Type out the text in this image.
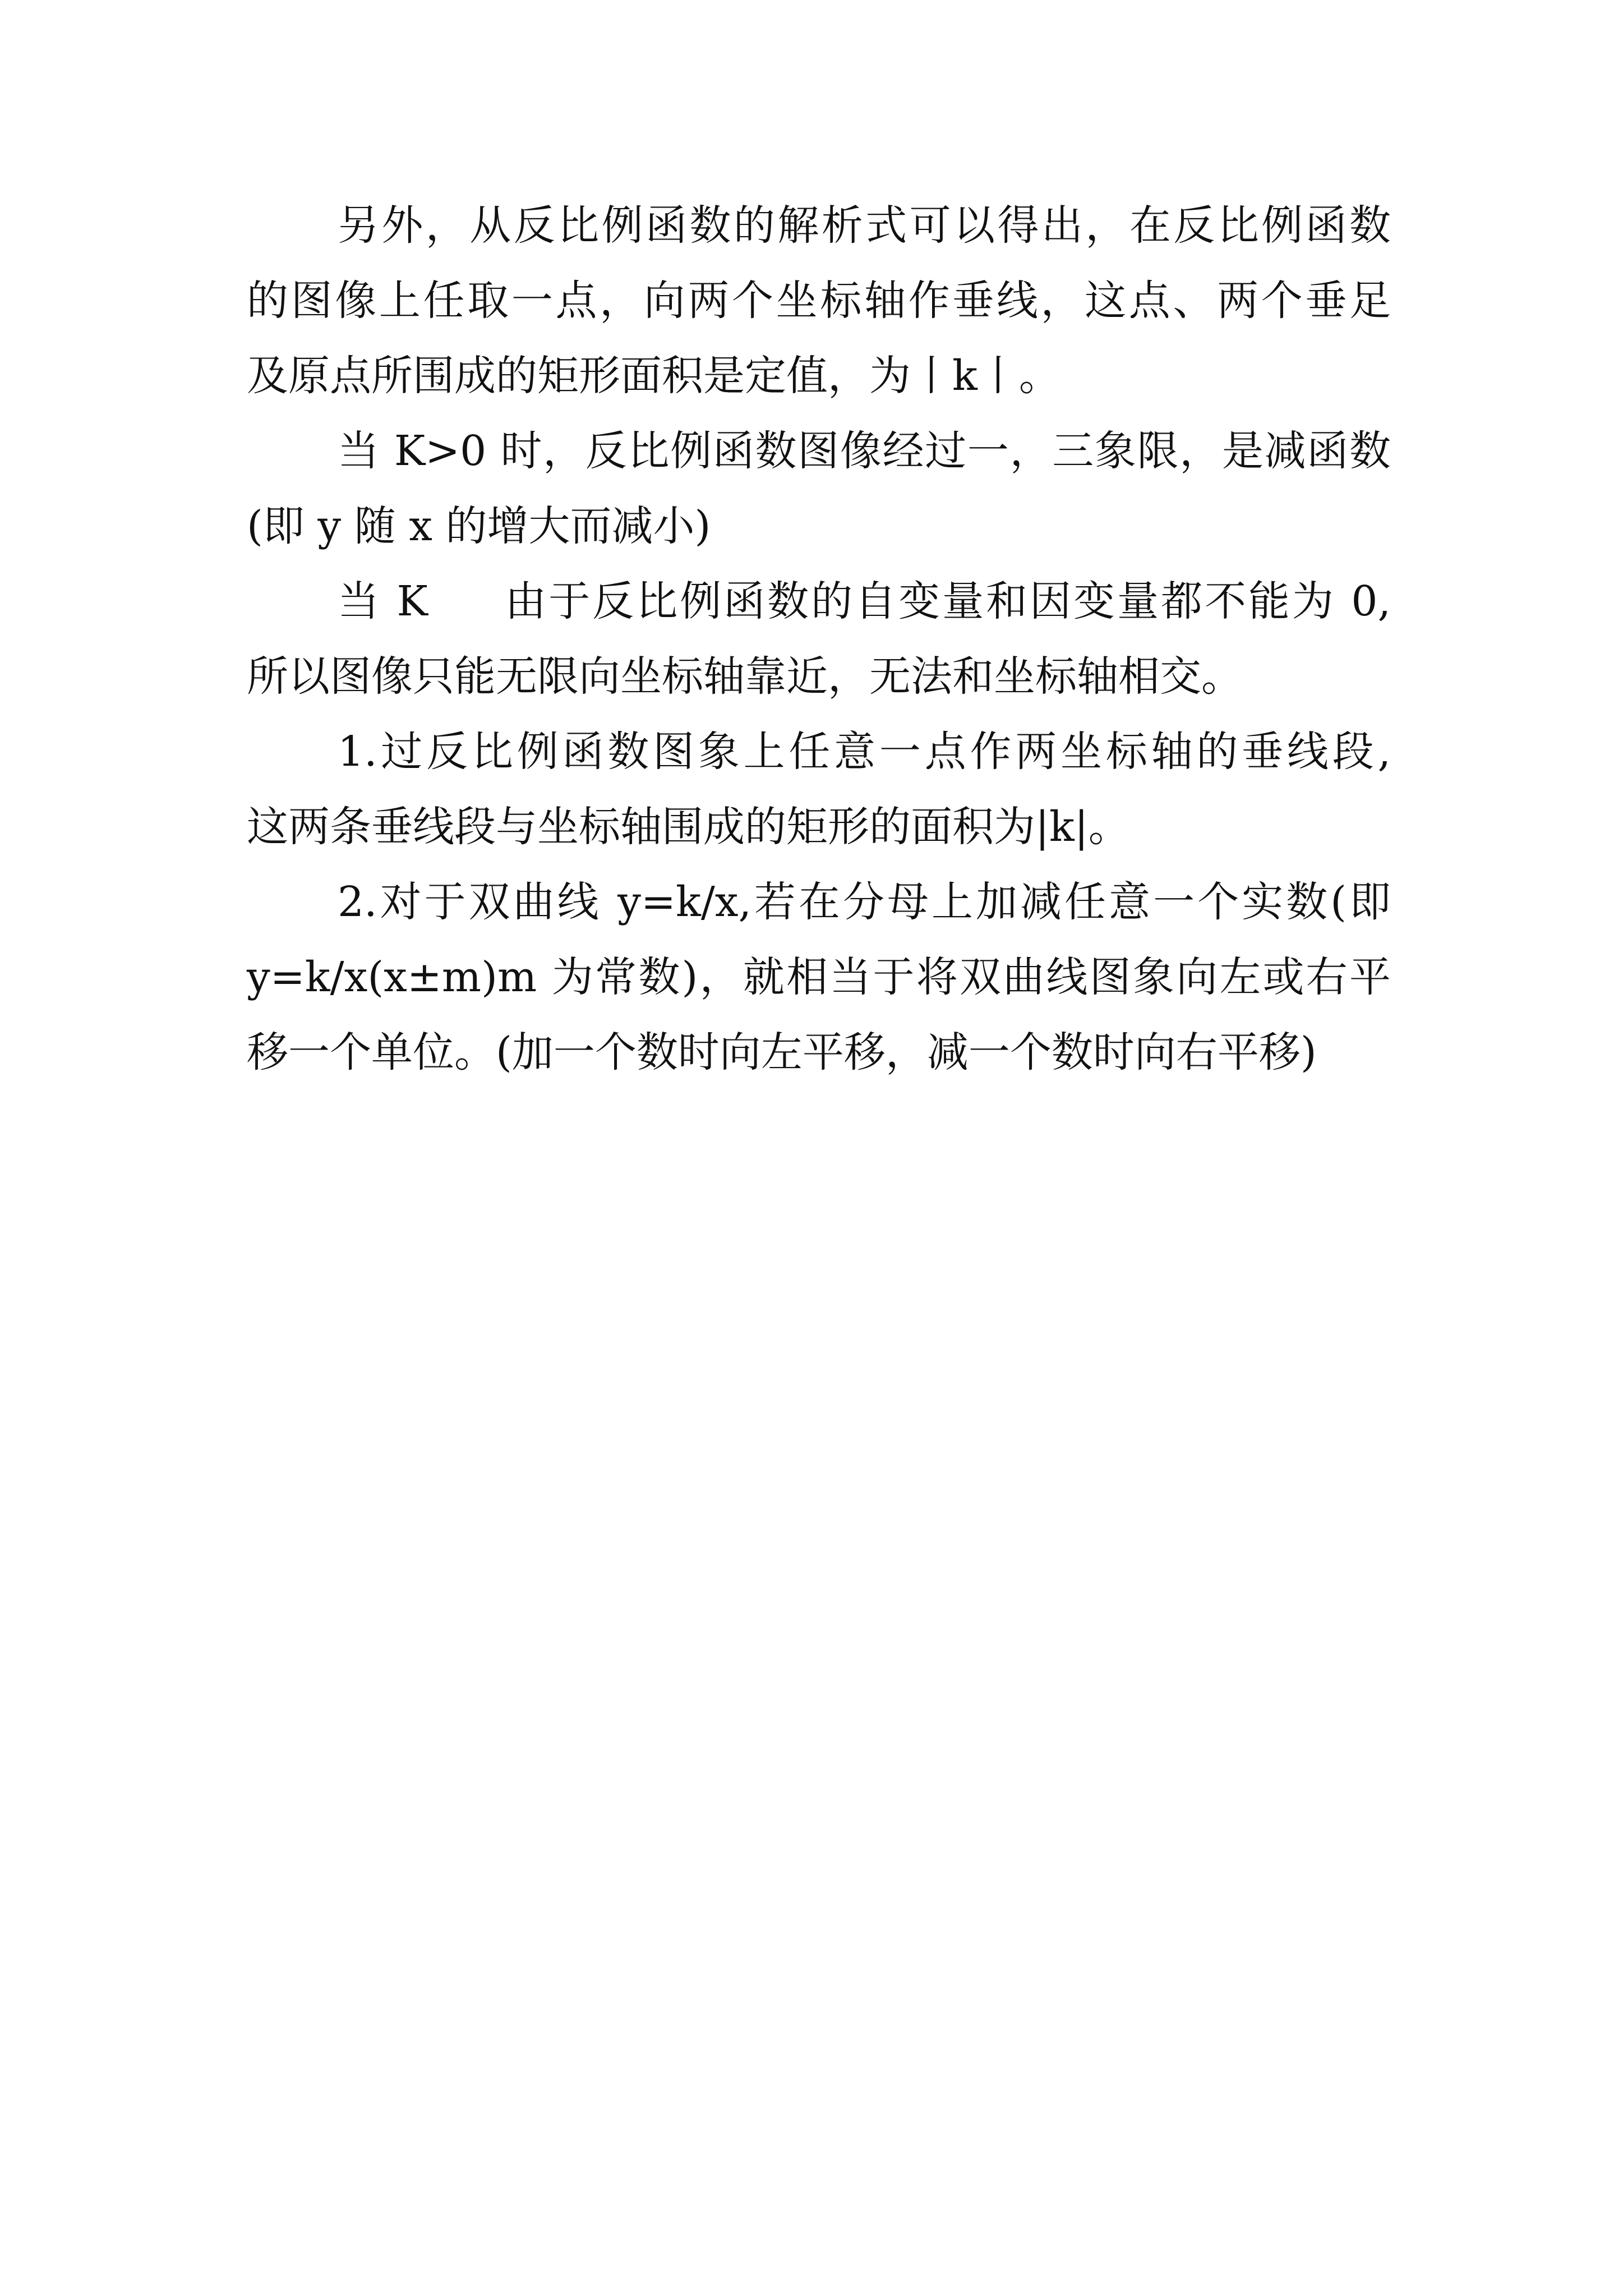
另外，从反比例函数的解析式可以得出，在反比例函数
的图像上任取一点，向两个坐标轴作垂线，这点、两个垂足
及原点所围成的矩形面积是定值，为丨k丨。
当 K>0 时，反比例函数图像经过一，三象限，是减函数
(即 y 随 x 的增大而减小)
当 K     由于反比例函数的自变量和因变量都不能为 0,
所以图像只能无限向坐标轴靠近，无法和坐标轴相交。
1.过反比例函数图象上任意一点作两坐标轴的垂线段,
这两条垂线段与坐标轴围成的矩形的面积为|k|。
2.对于双曲线 y=k/x,若在分母上加减任意一个实数(即
y=k/x(x±m)m 为常数)，就相当于将双曲线图象向左或右平
移一个单位。(加一个数时向左平移，减一个数时向右平移)
